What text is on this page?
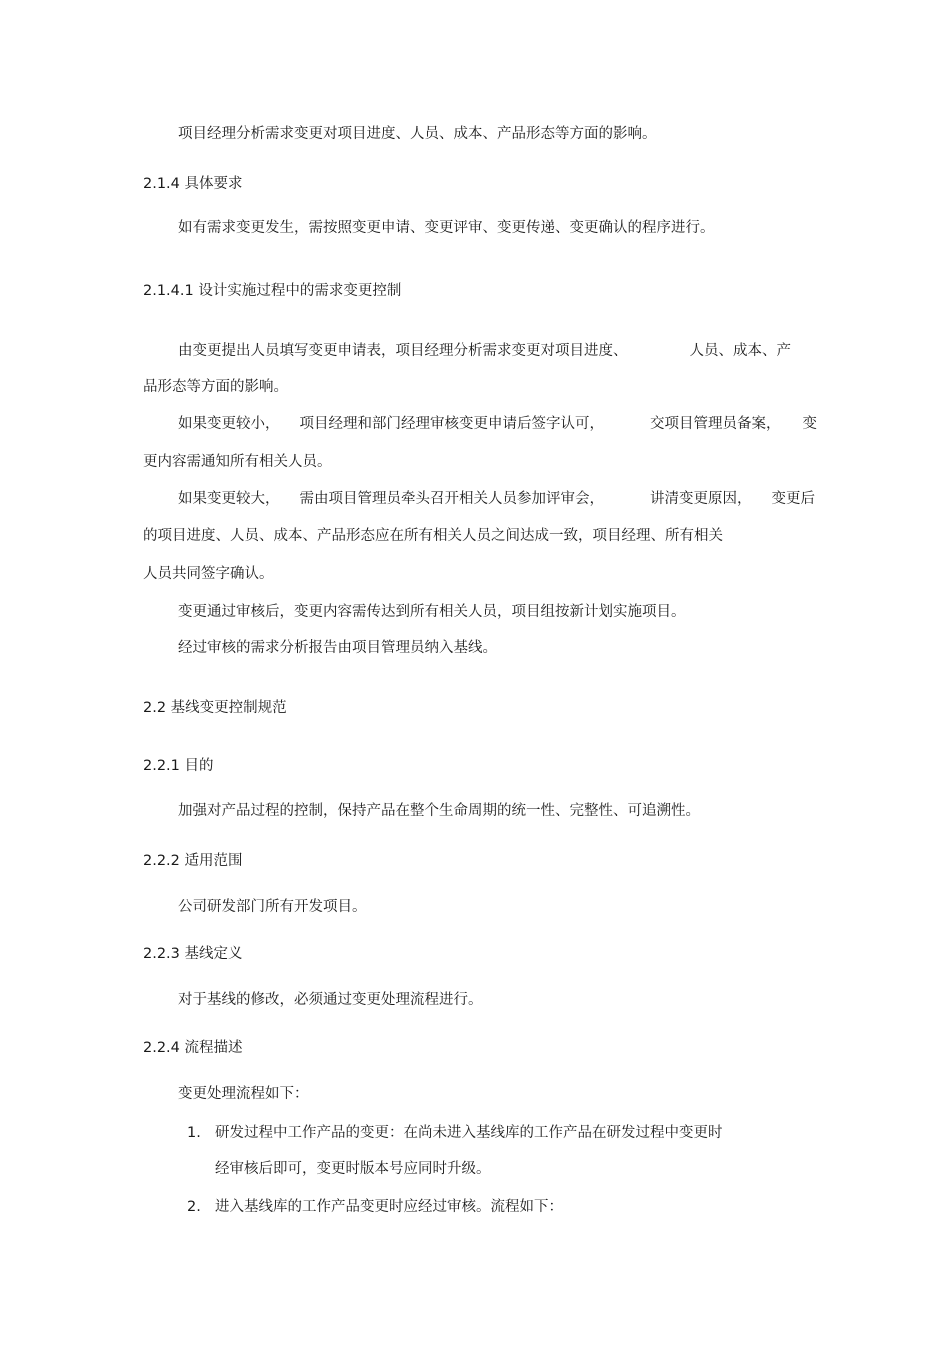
项目经理分析需求变更对项目进度、人员、成本、产品形态等方面的影响。
2.1.4 具体要求
如有需求变更发生，需按照变更申请、变更评审、变更传递、变更确认的程序进行。
2.1.4.1 设计实施过程中的需求变更控制
由变更提出人员填写变更申请表，项目经理分析需求变更对项目进度、	人员、成本、产
品形态等方面的影响。
如果变更较小， 项目经理和部门经理审核变更申请后签字认可，	交项目管理员备案， 变
更内容需通知所有相关人员。
如果变更较大， 需由项目管理员牵头召开相关人员参加评审会，	讲清变更原因， 变更后
的项目进度、人员、成本、产品形态应在所有相关人员之间达成一致，项目经理、所有相关
人员共同签字确认。
变更通过审核后，变更内容需传达到所有相关人员，项目组按新计划实施项目。
经过审核的需求分析报告由项目管理员纳入基线。
2.2 基线变更控制规范
2.2.1 目的
加强对产品过程的控制，保持产品在整个生命周期的统一性、完整性、可追溯性。
2.2.2 适用范围
公司研发部门所有开发项目。
2.2.3 基线定义
对于基线的修改，必须通过变更处理流程进行。
2.2.4 流程描述
变更处理流程如下：
1. 研发过程中工作产品的变更：在尚未进入基线库的工作产品在研发过程中变更时
经审核后即可，变更时版本号应同时升级。
2. 进入基线库的工作产品变更时应经过审核。流程如下：
